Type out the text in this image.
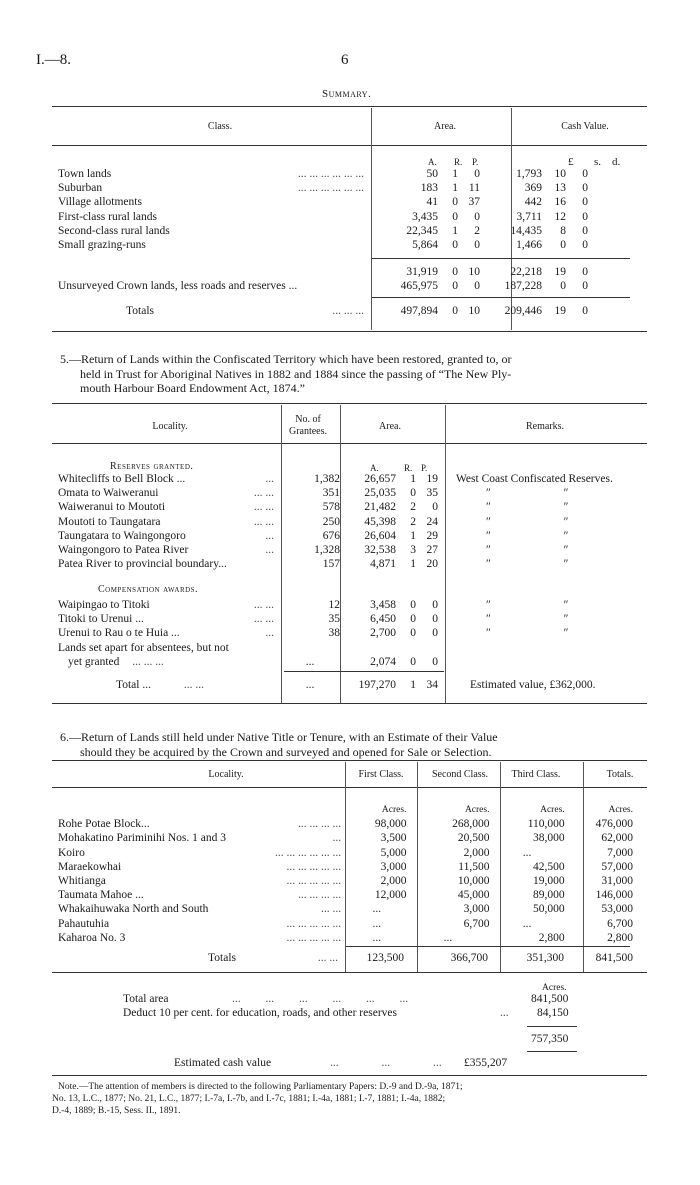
I.—8.	6
Summary.
Class.	Area.	Cash Value.
A. R. P.	£ s. d.
Town lands	... ... ... ... ... ...	50	1	0	1,793	10	0	
Suburban	... ... ... ... ... ...	183	1	11	369	13	0	
Village allotments		41	0	37	442	16	0	
First-class rural lands		3,435	0	0	3,711	12	0	
Second-class rural lands		22,345	1	2	14,435	8	0	
Small grazing-runs		5,864	0	0	1,466	0	0	
	31,919	0	10	22,218	19	0	
Unsurveyed Crown lands, less roads and reserves ...	465,975	0	0	187,228	0	0	
Totals	... ... ...	497,894	0	10	209,446	19	0	
5.—Return of Lands within the Confiscated Territory which have been restored, granted to, or
held in Trust for Aboriginal Natives in 1882 and 1884 since the passing of “The New Ply-
mouth Harbour Board Endowment Act, 1874.”
Locality.
No. of
Grantees.	Area.	Remarks.
A.	R. P.
Reserves granted.
Whitecliffs to Bell Block ...	...	1,382	26,657	1	19		West Coast Confiscated Reserves.
Omata to Waiweranui	... ...	351	25,035	0	35		″ ″
Waiweranui to Moutoti	... ...	578	21,482	2	0		″ ″
Moutoti to Taungatara	... ...	250	45,398	2	24		″ ″
Taungatara to Waingongoro	...	676	26,604	1	29		″ ″
Waingongoro to Patea River	...	1,328	32,538	3	27		″ ″
Patea River to provincial boundary...		157	4,871	1	20		″ ″
Compensation awards.
Waipingao to Titoki	... ...	12	3,458	0	0		″ ″
Titoki to Urenui ...	... ...	35	6,450	0	0		″ ″
Urenui to Rau o te Huia ...	...	38	2,700	0	0		″ ″
Lands set apart for absentees, but not							
yet granted ... ... ...		...	2,074	0	0		
Total ...	... ...		...	197,270	1	34		Estimated value, £362,000.
6.—Return of Lands still held under Native Title or Tenure, with an Estimate of their Value
should they be acquired by the Crown and surveyed and opened for Sale or Selection.
Locality.	First Class.	Second Class.	Third Class.	Totals.
		Acres.	Acres.	Acres.	Acres.
Rohe Potae Block...	... ... ... ...	98,000	268,000	110,000	476,000
Mohakatino Pariminihi Nos. 1 and 3	...	3,500	20,500	38,000	62,000
Koiro	... ... ... ... ... ...	5,000	2,000	...	7,000
Maraekowhai	... ... ... ... ...	3,000	11,500	42,500	57,000
Whitianga	... ... ... ... ...	2,000	10,000	19,000	31,000
Taumata Mahoe ...	... ... ... ...	12,000	45,000	89,000	146,000
Whakaihuwaka North and South	... ...	...	3,000	50,000	53,000
Pahautuhia	... ... ... ... ...	...	6,700	...	6,700
Kaharoa No. 3	... ... ... ... ...	...	...	2,800	2,800
Totals	... ...	123,500	366,700	351,300	841,500
Acres.
Total area	... ... ... ... ... ...	841,500
Deduct 10 per cent. for education, roads, and other reserves	... 84,150
757,350
Estimated cash value	... ... ... £355,207
Note.—The attention of members is directed to the following Parliamentary Papers: D.-9 and D.-9a, 1871;
No. 13, L.C., 1877; No. 21, L.C., 1877; I.-7a, I.-7b, and I.-7c, 1881; I.-4a, 1881; I.-7, 1881; I.-4a, 1882;
D.-4, 1889; B.-15, Sess. II., 1891.
